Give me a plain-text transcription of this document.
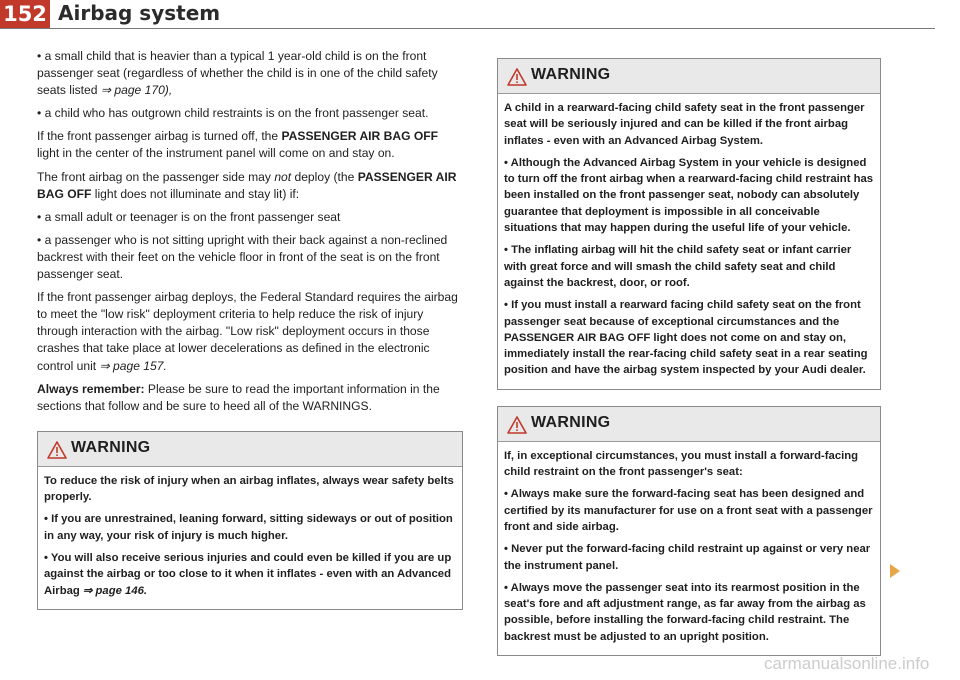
152 Airbag system

• a small child that is heavier than a typical 1 year-old child is on the front passenger seat (regardless of whether the child is in one of the child safety seats listed ⇒ page 170),

• a child who has outgrown child restraints is on the front passenger seat.

If the front passenger airbag is turned off, the PASSENGER AIR BAG OFF light in the center of the instrument panel will come on and stay on.

The front airbag on the passenger side may not deploy (the PASSENGER AIR BAG OFF light does not illuminate and stay lit) if:

• a small adult or teenager is on the front passenger seat

• a passenger who is not sitting upright with their back against a non-reclined backrest with their feet on the vehicle floor in front of the seat is on the front passenger seat.

If the front passenger airbag deploys, the Federal Standard requires the airbag to meet the "low risk" deployment criteria to help reduce the risk of injury through interaction with the airbag. "Low risk" deployment occurs in those crashes that take place at lower decelerations as defined in the electronic control unit ⇒ page 157.

Always remember: Please be sure to read the important information in the sections that follow and be sure to heed all of the WARNINGS.

WARNING

To reduce the risk of injury when an airbag inflates, always wear safety belts properly.

• If you are unrestrained, leaning forward, sitting sideways or out of position in any way, your risk of injury is much higher.

• You will also receive serious injuries and could even be killed if you are up against the airbag or too close to it when it inflates - even with an Advanced Airbag ⇒ page 146.

WARNING

A child in a rearward-facing child safety seat in the front passenger seat will be seriously injured and can be killed if the front airbag inflates - even with an Advanced Airbag System.

• Although the Advanced Airbag System in your vehicle is designed to turn off the front airbag when a rearward-facing child restraint has been installed on the front passenger seat, nobody can absolutely guarantee that deployment is impossible in all conceivable situations that may happen during the useful life of your vehicle.

• The inflating airbag will hit the child safety seat or infant carrier with great force and will smash the child safety seat and child against the backrest, door, or roof.

• If you must install a rearward facing child safety seat on the front passenger seat because of exceptional circumstances and the PASSENGER AIR BAG OFF light does not come on and stay on, immediately install the rear-facing child safety seat in a rear seating position and have the airbag system inspected by your Audi dealer.

WARNING

If, in exceptional circumstances, you must install a forward-facing child restraint on the front passenger's seat:

• Always make sure the forward-facing seat has been designed and certified by its manufacturer for use on a front seat with a passenger front and side airbag.

• Never put the forward-facing child restraint up against or very near the instrument panel.

• Always move the passenger seat into its rearmost position in the seat's fore and aft adjustment range, as far away from the airbag as possible, before installing the forward-facing child restraint. The backrest must be adjusted to an upright position.

carmanualsonline.info
